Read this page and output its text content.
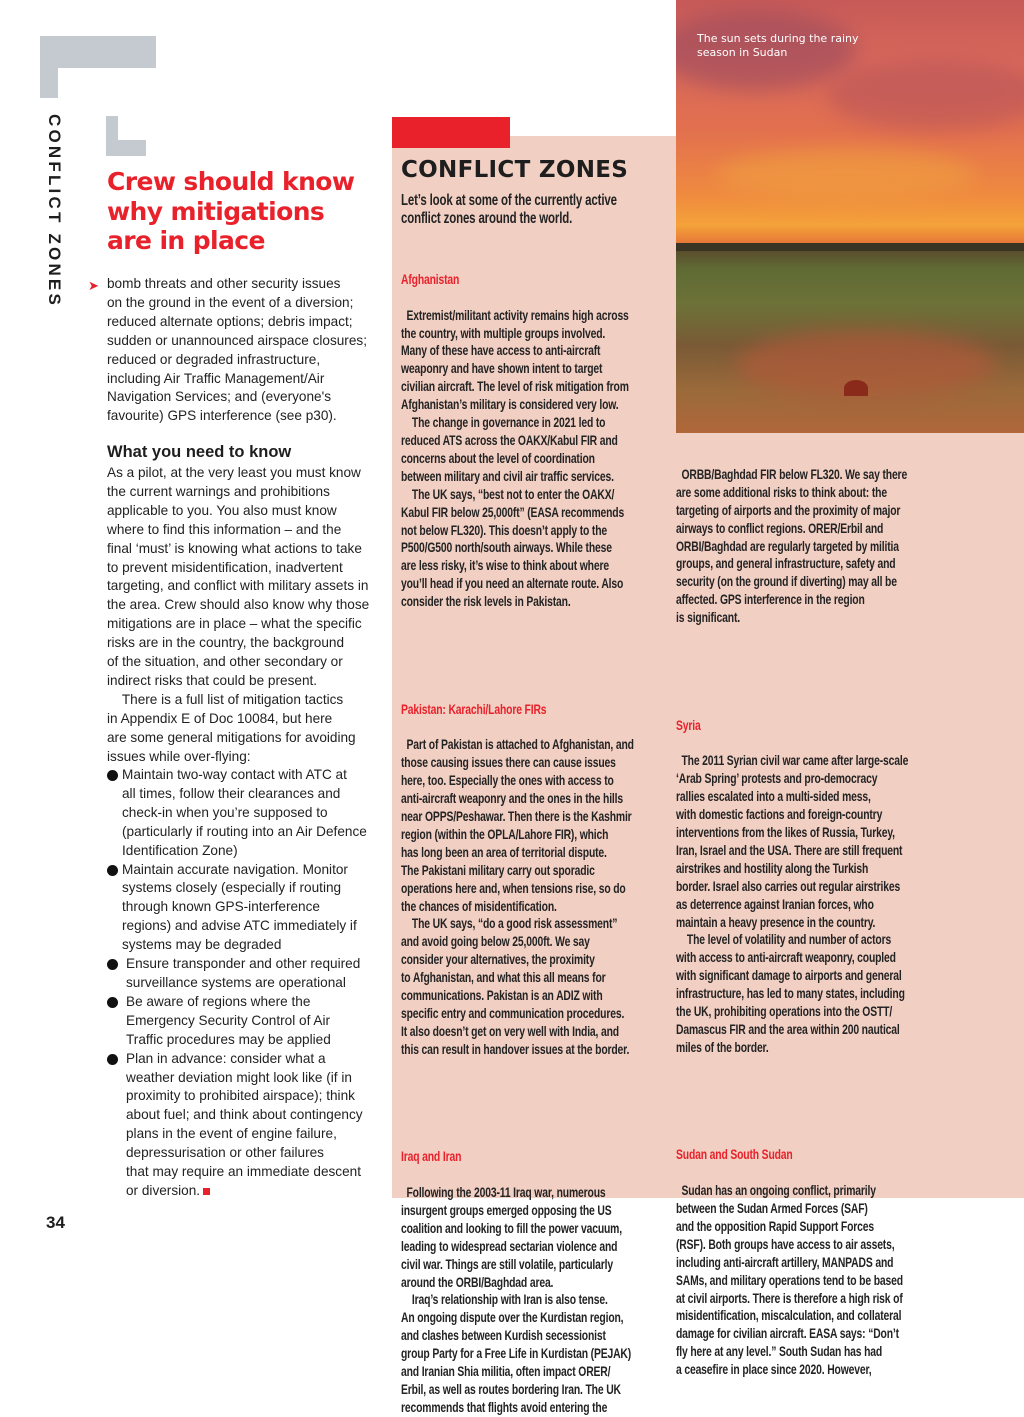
CONFLICT ZONES Crew should know
why mitigations
are in place
➤ bomb threats and other security issues
on the ground in the event of a diversion;
reduced alternate options; debris impact;
sudden or unannounced airspace closures;
reduced or degraded infrastructure,
including Air Traffic Management/Air
Navigation Services; and (everyone's
favourite) GPS interference (see p30).
What you need to know
As a pilot, at the very least you must know
the current warnings and prohibitions
applicable to you. You also must know
where to find this information – and the
final ‘must’ is knowing what actions to take
to prevent misidentification, inadvertent
targeting, and conflict with military assets in
the area. Crew should also know why those
mitigations are in place – what the specific
risks are in the country, the background
of the situation, and other secondary or
indirect risks that could be present.
There is a full list of mitigation tactics
in Appendix E of Doc 10084, but here
are some general mitigations for avoiding
issues while over-flying:
Maintain two-way contact with ATC at
all times, follow their clearances and
check-in when you’re supposed to
(particularly if routing into an Air Defence
Identification Zone)
Maintain accurate navigation. Monitor
systems closely (especially if routing
through known GPS-interference
regions) and advise ATC immediately if
systems may be degraded
Ensure transponder and other required
surveillance systems are operational
Be aware of regions where the
Emergency Security Control of Air
Traffic procedures may be applied
Plan in advance: consider what a
weather deviation might look like (if in
proximity to prohibited airspace); think
about fuel; and think about contingency
plans in the event of engine failure,
depressurisation or other failures
that may require an immediate descent
or diversion.
34
CONFLICT ZONES
Let’s look at some of the currently active
conflict zones around the world.

Afghanistan

Extremist/militant activity remains high across
the country, with multiple groups involved.
Many of these have access to anti-aircraft
weaponry and have shown intent to target
civilian aircraft. The level of risk mitigation from
Afghanistan’s military is considered very low.
The change in governance in 2021 led to
reduced ATS across the OAKX/Kabul FIR and
concerns about the level of coordination
between military and civil air traffic services.
The UK says, “best not to enter the OAKX/
Kabul FIR below 25,000ft” (EASA recommends
not below FL320). This doesn’t apply to the
P500/G500 north/south airways. While these
are less risky, it’s wise to think about where
you’ll head if you need an alternate route. Also
consider the risk levels in Pakistan.

Pakistan: Karachi/Lahore FIRs

Part of Pakistan is attached to Afghanistan, and
those causing issues there can cause issues
here, too. Especially the ones with access to
anti-aircraft weaponry and the ones in the hills
near OPPS/Peshawar. Then there is the Kashmir
region (within the OPLA/Lahore FIR), which
has long been an area of territorial dispute.
The Pakistani military carry out sporadic
operations here and, when tensions rise, so do
the chances of misidentification.
The UK says, “do a good risk assessment”
and avoid going below 25,000ft. We say
consider your alternatives, the proximity
to Afghanistan, and what this all means for
communications. Pakistan is an ADIZ with
specific entry and communication procedures.
It also doesn’t get on very well with India, and
this can result in handover issues at the border.

Iraq and Iran

Following the 2003-11 Iraq war, numerous
insurgent groups emerged opposing the US
coalition and looking to fill the power vacuum,
leading to widespread sectarian violence and
civil war. Things are still volatile, particularly
around the ORBI/Baghdad area.
Iraq’s relationship with Iran is also tense.
An ongoing dispute over the Kurdistan region,
and clashes between Kurdish secessionist
group Party for a Free Life in Kurdistan (PEJAK)
and Iranian Shia militia, often impact ORER/
Erbil, as well as routes bordering Iran. The UK
recommends that flights avoid entering the

ORBB/Baghdad FIR below FL320. We say there
are some additional risks to think about: the
targeting of airports and the proximity of major
airways to conflict regions. ORER/Erbil and
ORBI/Baghdad are regularly targeted by militia
groups, and general infrastructure, safety and
security (on the ground if diverting) may all be
affected. GPS interference in the region
is significant.

Syria

The 2011 Syrian civil war came after large-scale
‘Arab Spring’ protests and pro-democracy
rallies escalated into a multi-sided mess,
with domestic factions and foreign-country
interventions from the likes of Russia, Turkey,
Iran, Israel and the USA. There are still frequent
airstrikes and hostility along the Turkish
border. Israel also carries out regular airstrikes
as deterrence against Iranian forces, who
maintain a heavy presence in the country.
The level of volatility and number of actors
with access to anti-aircraft weaponry, coupled
with significant damage to airports and general
infrastructure, has led to many states, including
the UK, prohibiting operations into the OSTT/
Damascus FIR and the area within 200 nautical
miles of the border.

Sudan and South Sudan

Sudan has an ongoing conflict, primarily
between the Sudan Armed Forces (SAF)
and the opposition Rapid Support Forces
(RSF). Both groups have access to air assets,
including anti-aircraft artillery, MANPADS and
SAMs, and military operations tend to be based
at civil airports. There is therefore a high risk of
misidentification, miscalculation, and collateral
damage for civilian aircraft. EASA says: “Don’t
fly here at any level.” South Sudan has had
a ceasefire in place since 2020. However,

The sun sets during the rainy
season in Sudan
